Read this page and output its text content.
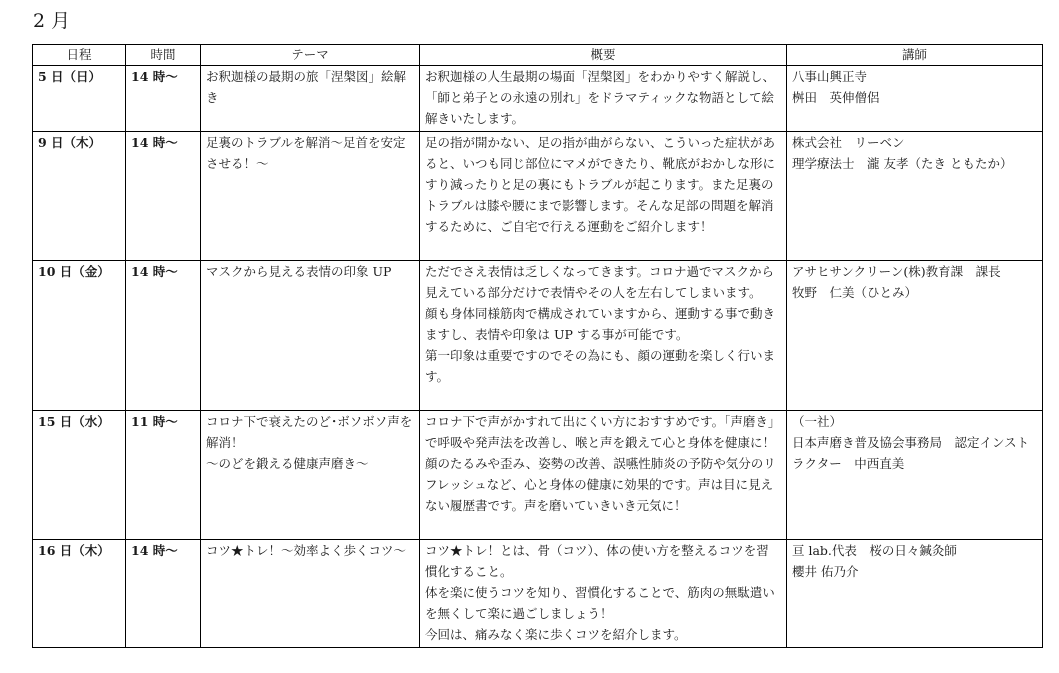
2 月
日程	時間	テーマ	概要	講師
5 日（日）	14 時～	お釈迦様の最期の旅「涅槃図」絵解き	お釈迦様の人生最期の場面「涅槃図」をわかりやすく解説し、「師と弟子との永遠の別れ」をドラマティックな物語として絵解きいたします。	八事山興正寺
桝田　英伸僧侶

9 日（木）	14 時～	足裏のトラブルを解消～足首を安定させる！～	足の指が開かない、足の指が曲がらない、こういった症状があると、いつも同じ部位にマメができたり、靴底がおかしな形にすり減ったりと足の裏にもトラブルが起こります。また足裏のトラブルは膝や腰にまで影響します。そんな足部の問題を解消するために、ご自宅で行える運動をご紹介します！	株式会社　リーベン
理学療法士　瀧 友孝（たき ともたか）

10 日（金）	14 時～	マスクから見える表情の印象 UP	ただでさえ表情は乏しくなってきます。コロナ過でマスクから見えている部分だけで表情やその人を左右してしまいます。
顔も身体同様筋肉で構成されていますから、運動する事で動きますし、表情や印象は UP する事が可能です。
第一印象は重要ですのでその為にも、顔の運動を楽しく行います。	アサヒサンクリーン(株)教育課　課長
牧野　仁美（ひとみ）

15 日（水）	11 時～	コロナ下で衰えたのど･ボソボソ声を解消！
～のどを鍛える健康声磨き～	コロナ下で声がかすれて出にくい方におすすめです。「声磨き」で呼吸や発声法を改善し、喉と声を鍛えて心と身体を健康に！
顔のたるみや歪み、姿勢の改善、誤嚥性肺炎の予防や気分のリフレッシュなど、心と身体の健康に効果的です。声は目に見えない履歴書です。声を磨いていきいき元気に！	（一社）
日本声磨き普及協会事務局　認定インストラクター　中西直美

16 日（木）	14 時～	コツ★トレ！～効率よく歩くコツ～	コツ★トレ！とは、骨（コツ）、体の使い方を整えるコツを習慣化すること。
体を楽に使うコツを知り、習慣化することで、筋肉の無駄遣いを無くして楽に過ごしましょう！
今回は、痛みなく楽に歩くコツを紹介します。	亘 lab.代表　桜の日々鍼灸師
櫻井 佑乃介
